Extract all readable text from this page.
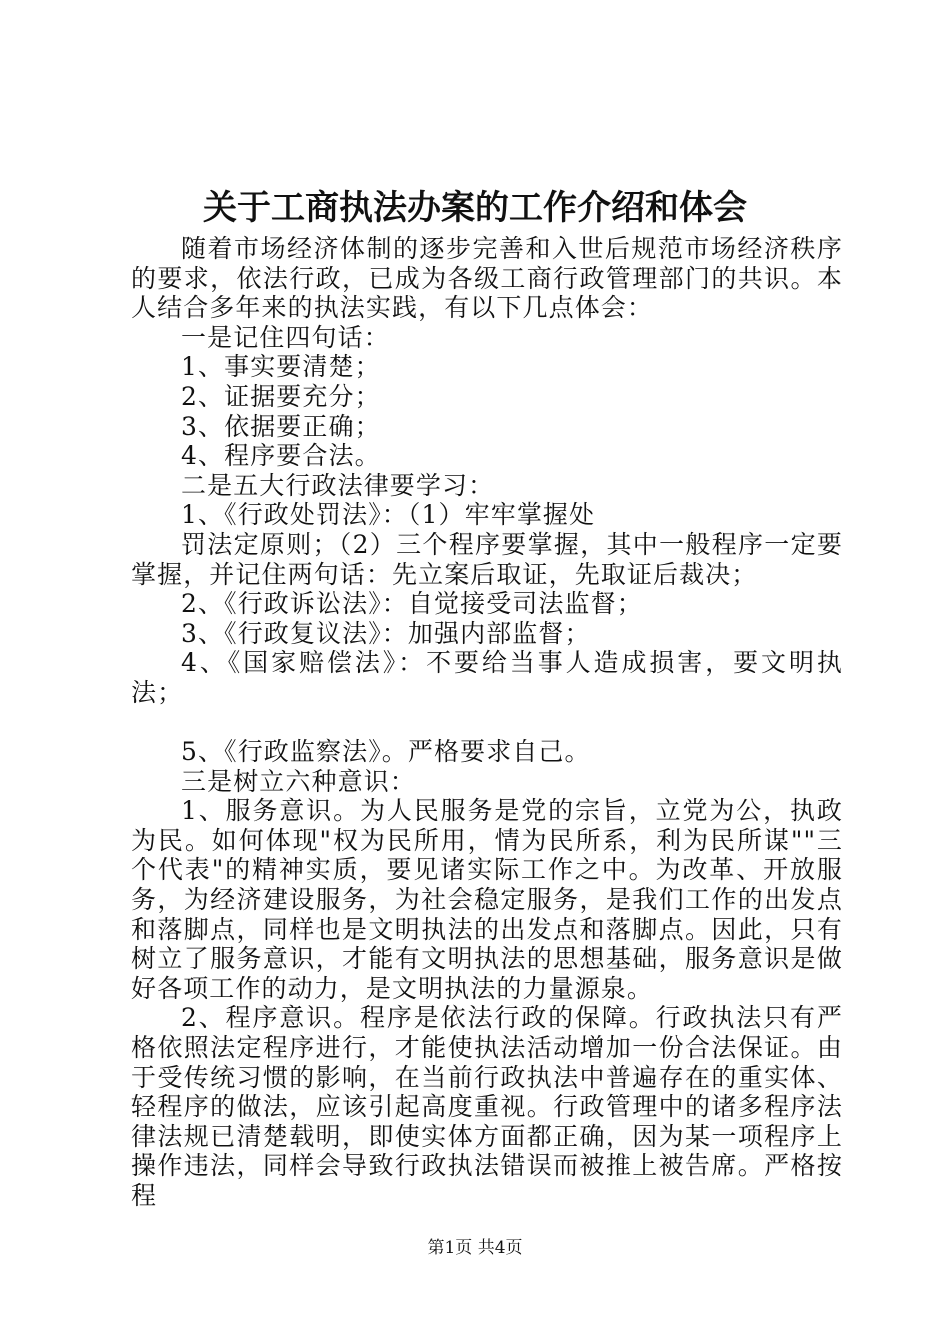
关于工商执法办案的工作介绍和体会

随着市场经济体制的逐步完善和入世后规范市场经济秩序的要求，依法行政，已成为各级工商行政管理部门的共识。本人结合多年来的执法实践，有以下几点体会：

一是记住四句话：

1、事实要清楚；

2、证据要充分；

3、依据要正确；

4、程序要合法。

二是五大行政法律要学习：

1、《行政处罚法》：（1）牢牢掌握处

罚法定原则；（2）三个程序要掌握，其中一般程序一定要掌握，并记住两句话：先立案后取证，先取证后裁决；

2、《行政诉讼法》：自觉接受司法监督；

3、《行政复议法》：加强内部监督；

4、《国家赔偿法》：不要给当事人造成损害，要文明执法；

5、《行政监察法》。严格要求自己。

三是树立六种意识：

1、服务意识。为人民服务是党的宗旨，立党为公，执政为民。如何体现"权为民所用，情为民所系，利为民所谋""三个代表"的精神实质，要见诸实际工作之中。为改革、开放服务，为经济建设服务，为社会稳定服务，是我们工作的出发点和落脚点，同样也是文明执法的出发点和落脚点。因此，只有树立了服务意识，才能有文明执法的思想基础，服务意识是做好各项工作的动力，是文明执法的力量源泉。

2、程序意识。程序是依法行政的保障。行政执法只有严格依照法定程序进行，才能使执法活动增加一份合法保证。由于受传统习惯的影响，在当前行政执法中普遍存在的重实体、轻程序的做法，应该引起高度重视。行政管理中的诸多程序法律法规已清楚载明，即使实体方面都正确，因为某一项程序上操作违法，同样会导致行政执法错误而被推上被告席。严格按程

第1页 共4页
